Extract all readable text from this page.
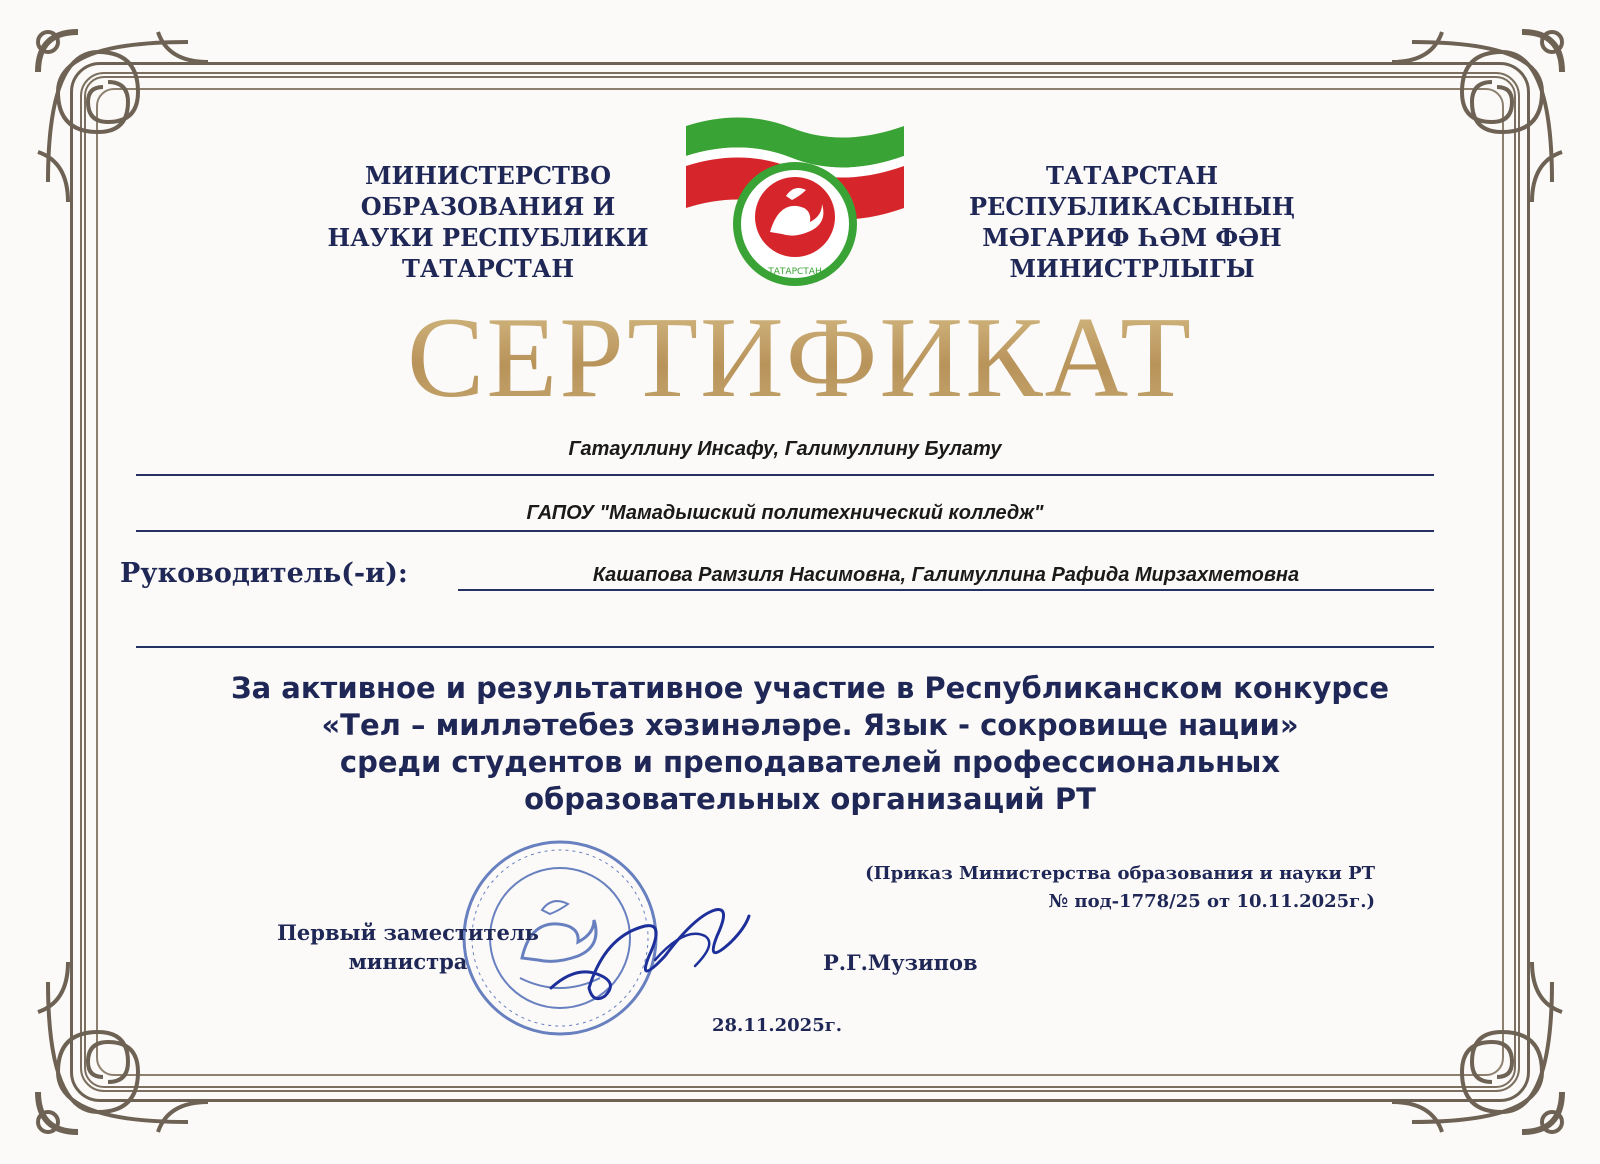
МИНИСТЕРСТВО
ОБРАЗОВАНИЯ И
НАУКИ РЕСПУБЛИКИ
ТАТАРСТАН
ТАТАРСТАН
РЕСПУБЛИКАСЫНЫҢ
МӘГАРИФ ҺӘМ ФӘН
МИНИСТРЛЫГЫ
ТАТАРСТАН
СЕРТИФИКАТ
Гатауллину Инсафу, Галимуллину Булату
ГАПОУ "Мамадышский политехнический колледж"
Руководитель(-и):	Кашапова Рамзиля Насимовна, Галимуллина Рафида Мирзахметовна
За активное и результативное участие в Республиканском конкурсе
«Тел – милләтебез хәзинәләре. Язык - сокровище нации»
среди студентов и преподавателей профессиональных
образовательных организаций РТ
(Приказ Министерства образования и науки РТ
№ под-1778/25 от 10.11.2025г.)
Первый заместитель
министра	Р.Г.Музипов
28.11.2025г.
